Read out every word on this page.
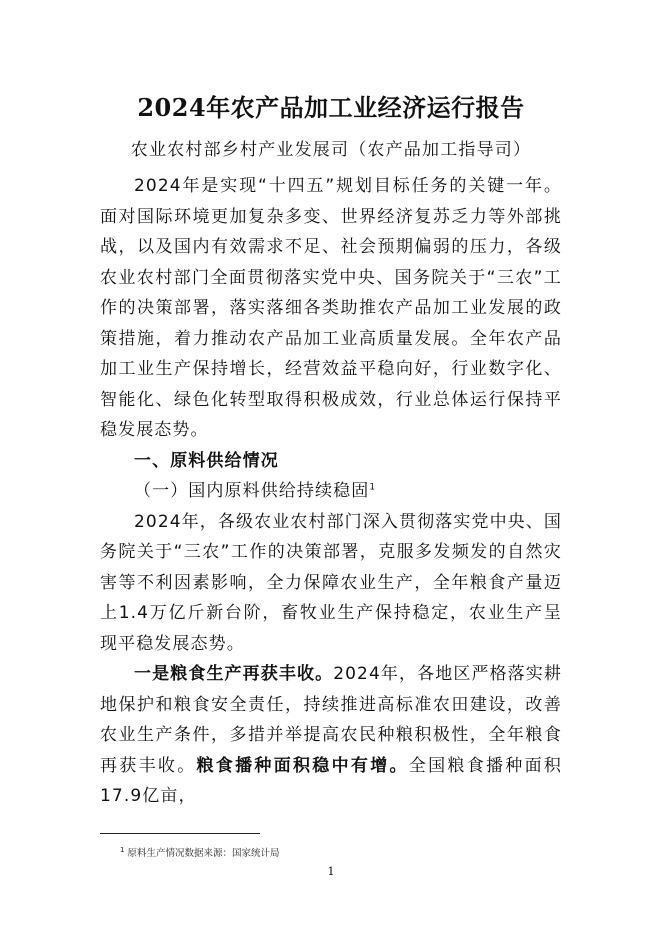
2024年农产品加工业经济运行报告
农业农村部乡村产业发展司（农产品加工指导司）

2024年是实现“十四五”规划目标任务的关键一年。面对国际环境更加复杂多变、世界经济复苏乏力等外部挑战，以及国内有效需求不足、社会预期偏弱的压力，各级农业农村部门全面贯彻落实党中央、国务院关于“三农”工作的决策部署，落实落细各类助推农产品加工业发展的政策措施，着力推动农产品加工业高质量发展。全年农产品加工业生产保持增长，经营效益平稳向好，行业数字化、智能化、绿色化转型取得积极成效，行业总体运行保持平稳发展态势。

一、原料供给情况

（一）国内原料供给持续稳固$^1$

2024年，各级农业农村部门深入贯彻落实党中央、国务院关于“三农”工作的决策部署，克服多发频发的自然灾害等不利因素影响，全力保障农业生产，全年粮食产量迈上1.4万亿斤新台阶，畜牧业生产保持稳定，农业生产呈现平稳发展态势。

一是粮食生产再获丰收。2024年，各地区严格落实耕地保护和粮食安全责任，持续推进高标准农田建设，改善农业生产条件，多措并举提高农民种粮积极性，全年粮食再获丰收。粮食播种面积稳中有增。全国粮食播种面积17.9亿亩，

$^1$ 原料生产情况数据来源：国家统计局
1
